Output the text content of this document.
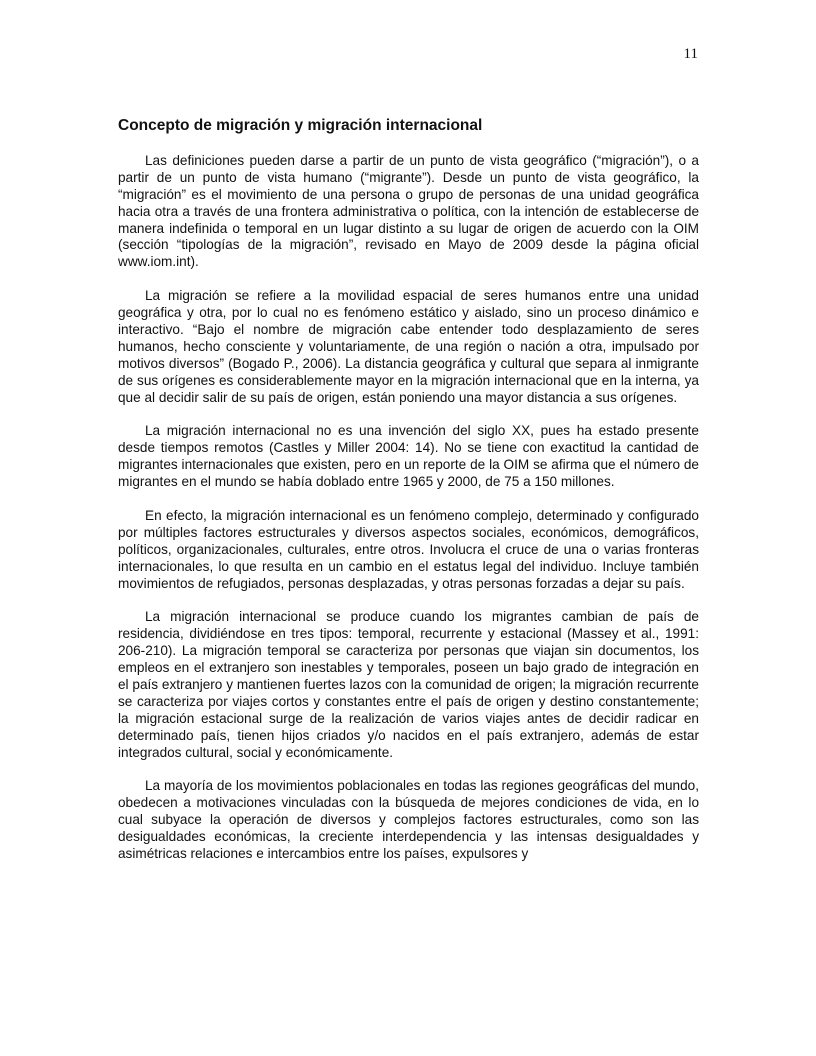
11
Concepto de migración y migración internacional

Las definiciones pueden darse a partir de un punto de vista geográfico (“migración”), o a partir de un punto de vista humano (“migrante”). Desde un punto de vista geográfico, la “migración” es el movimiento de una persona o grupo de personas de una unidad geográfica hacia otra a través de una frontera administrativa o política, con la intención de establecerse de manera indefinida o temporal en un lugar distinto a su lugar de origen de acuerdo con la OIM (sección “tipologías de la migración”, revisado en Mayo de 2009 desde la página oficial www.iom.int).

La migración se refiere a la movilidad espacial de seres humanos entre una unidad geográfica y otra, por lo cual no es fenómeno estático y aislado, sino un proceso dinámico e interactivo. “Bajo el nombre de migración cabe entender todo desplazamiento de seres humanos, hecho consciente y voluntariamente, de una región o nación a otra, impulsado por motivos diversos” (Bogado P., 2006). La distancia geográfica y cultural que separa al inmigrante de sus orígenes es considerablemente mayor en la migración internacional que en la interna, ya que al decidir salir de su país de origen, están poniendo una mayor distancia a sus orígenes.

La migración internacional no es una invención del siglo XX, pues ha estado presente desde tiempos remotos (Castles y Miller 2004: 14). No se tiene con exactitud la cantidad de migrantes internacionales que existen, pero en un reporte de la OIM se afirma que el número de migrantes en el mundo se había doblado entre 1965 y 2000, de 75 a 150 millones.

En efecto, la migración internacional es un fenómeno complejo, determinado y configurado por múltiples factores estructurales y diversos aspectos sociales, económicos, demográficos, políticos, organizacionales, culturales, entre otros. Involucra el cruce de una o varias fronteras internacionales, lo que resulta en un cambio en el estatus legal del individuo. Incluye también movimientos de refugiados, personas desplazadas, y otras personas forzadas a dejar su país.

La migración internacional se produce cuando los migrantes cambian de país de residencia, dividiéndose en tres tipos: temporal, recurrente y estacional (Massey et al., 1991: 206-210). La migración temporal se caracteriza por personas que viajan sin documentos, los empleos en el extranjero son inestables y temporales, poseen un bajo grado de integración en el país extranjero y mantienen fuertes lazos con la comunidad de origen; la migración recurrente se caracteriza por viajes cortos y constantes entre el país de origen y destino constantemente; la migración estacional surge de la realización de varios viajes antes de decidir radicar en determinado país, tienen hijos criados y/o nacidos en el país extranjero, además de estar integrados cultural, social y económicamente.

La mayoría de los movimientos poblacionales en todas las regiones geográficas del mundo, obedecen a motivaciones vinculadas con la búsqueda de mejores condiciones de vida, en lo cual subyace la operación de diversos y complejos factores estructurales, como son las desigualdades económicas, la creciente interdependencia y las intensas desigualdades y asimétricas relaciones e intercambios entre los países, expulsores y
